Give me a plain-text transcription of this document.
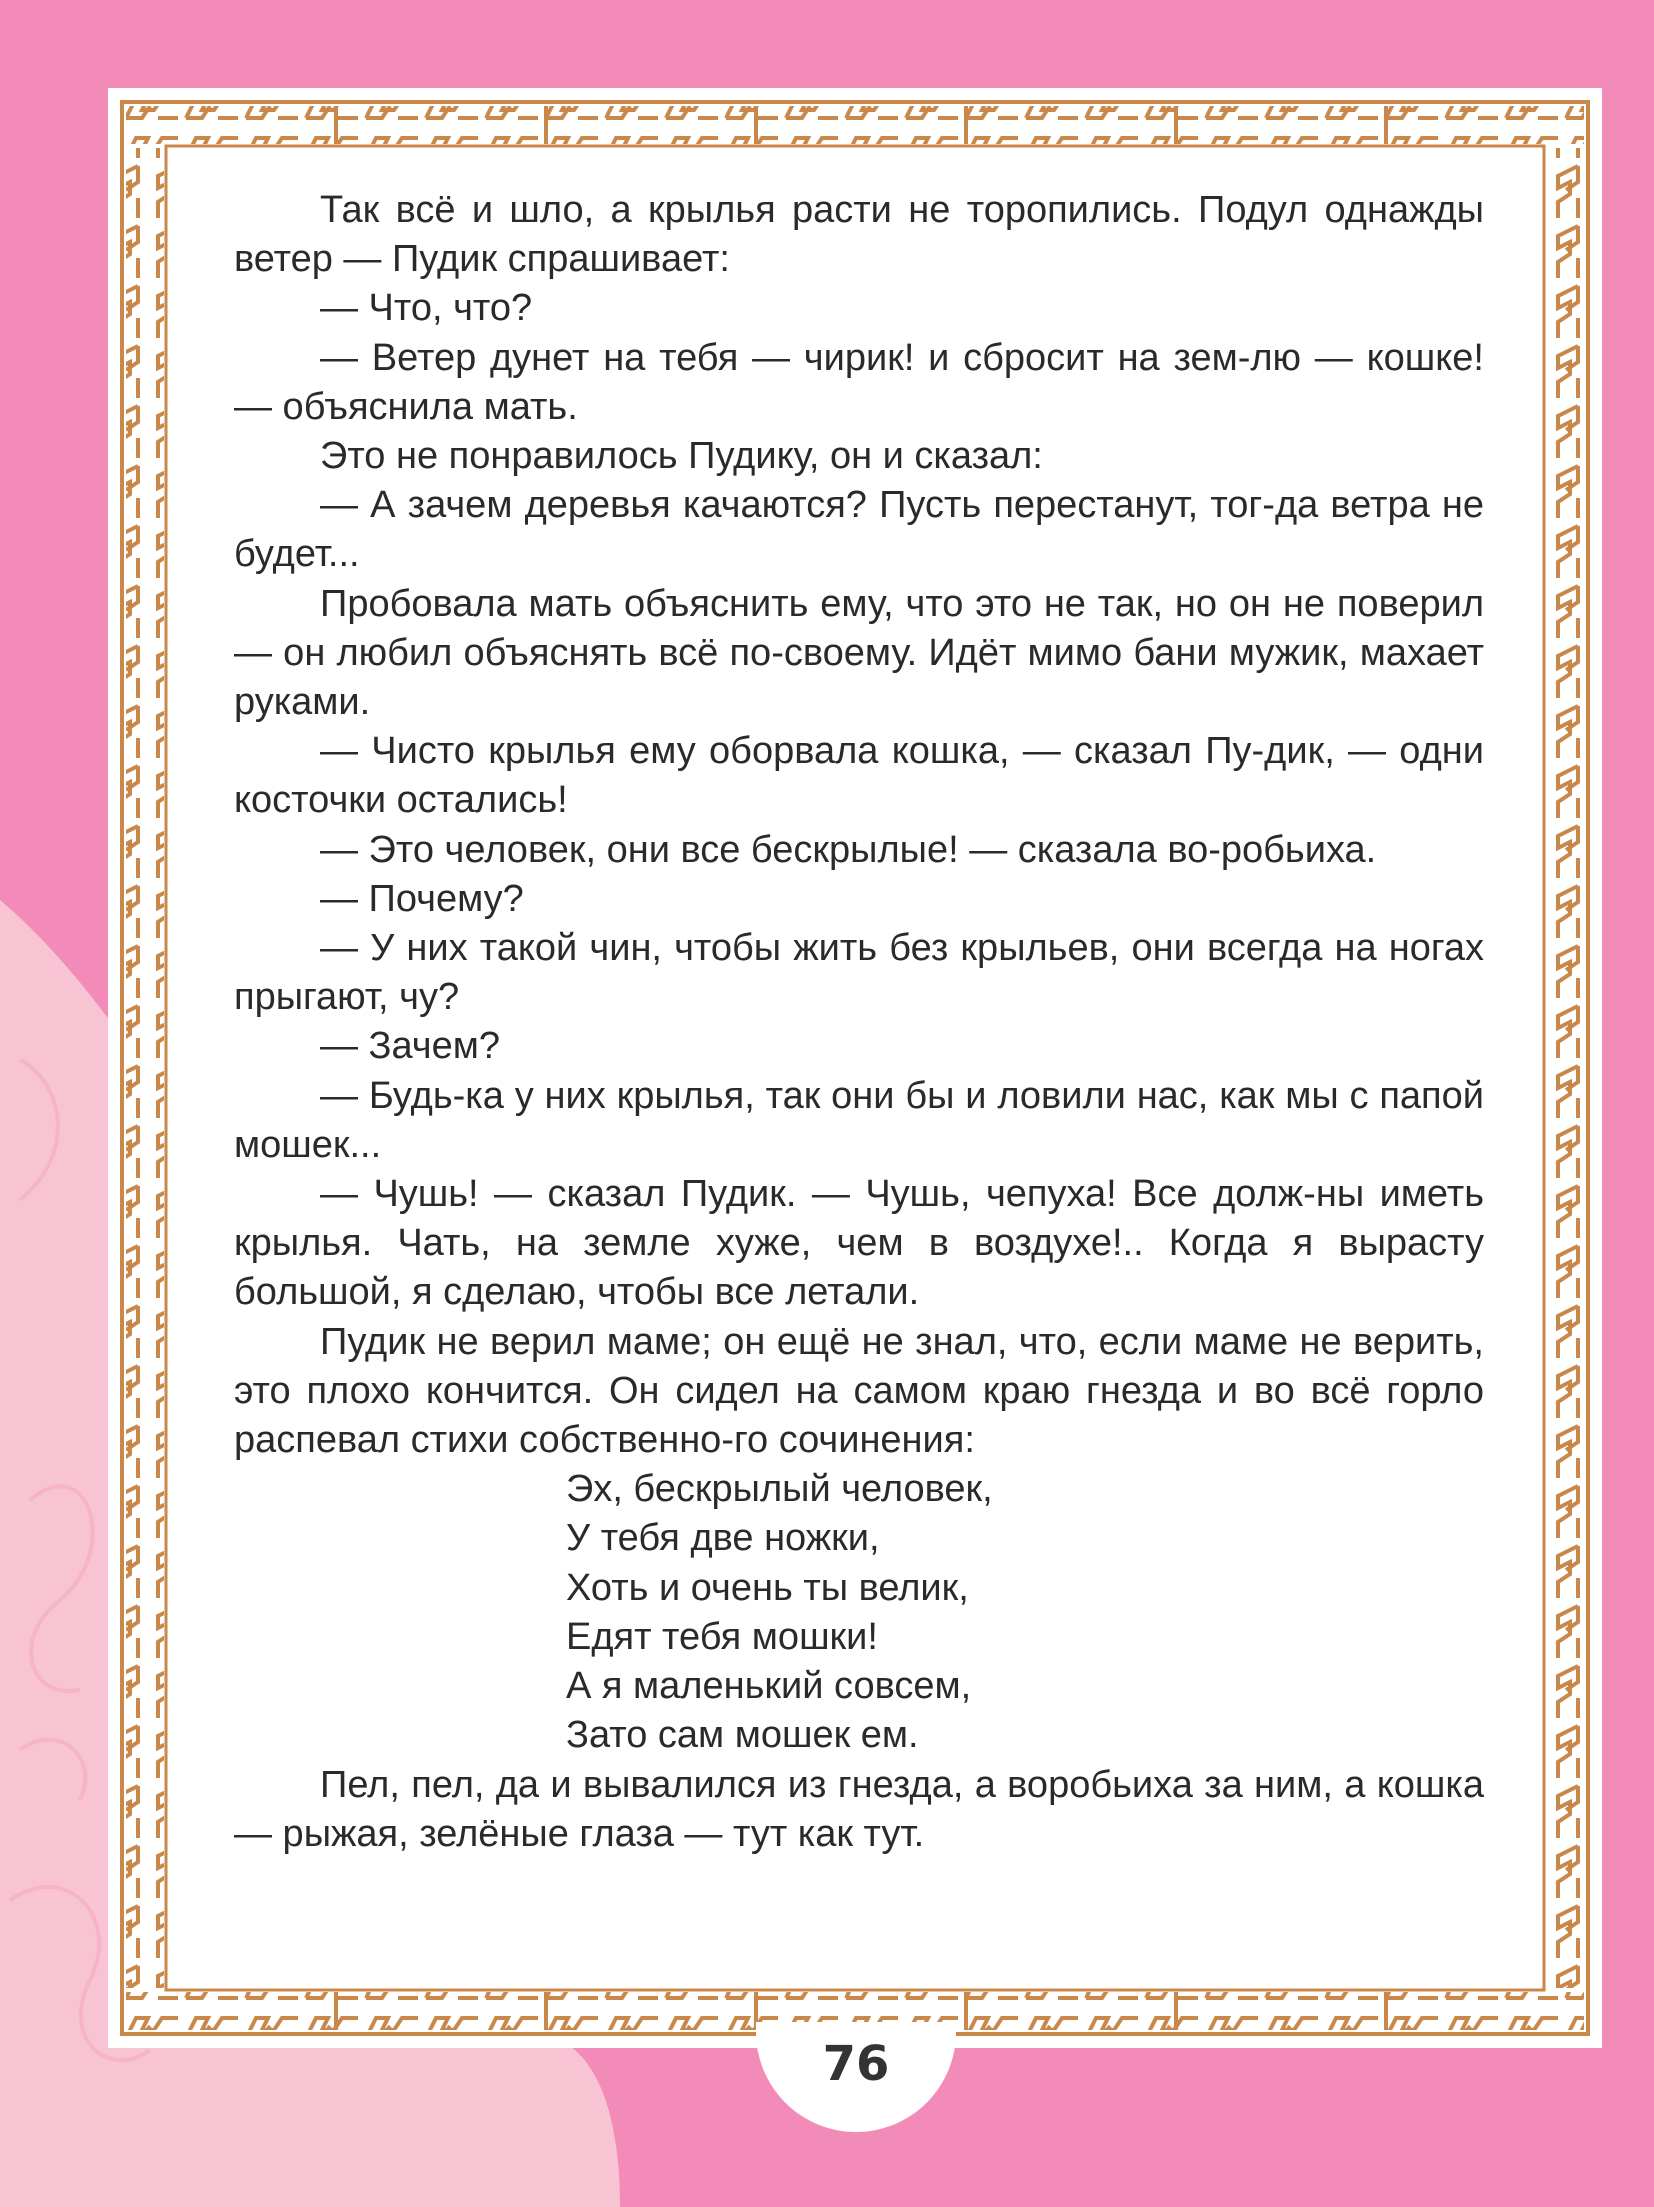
Так всё и шло, а крылья расти не торопились. Подул однажды ветер — Пудик спрашивает:

— Что, что?

— Ветер дунет на тебя — чирик! и сбросит на зем-лю — кошке! — объяснила мать.

Это не понравилось Пудику, он и сказал:

— А зачем деревья качаются? Пусть перестанут, тог-да ветра не будет...

Пробовала мать объяснить ему, что это не так, но он не поверил — он любил объяснять всё по-своему. Идёт мимо бани мужик, махает руками.

— Чисто крылья ему оборвала кошка, — сказал Пу-дик, — одни косточки остались!

— Это человек, они все бескрылые! — сказала во-робьиха.

— Почему?

— У них такой чин, чтобы жить без крыльев, они всегда на ногах прыгают, чу?

— Зачем?

— Будь-ка у них крылья, так они бы и ловили нас, как мы с папой мошек...

— Чушь! — сказал Пудик. — Чушь, чепуха! Все долж-ны иметь крылья. Чать, на земле хуже, чем в воздухе!.. Когда я вырасту большой, я сделаю, чтобы все летали.

Пудик не верил маме; он ещё не знал, что, если маме не верить, это плохо кончится. Он сидел на самом краю гнезда и во всё горло распевал стихи собственно-го сочинения:

Эх, бескрылый человек,
У тебя две ножки,
Хоть и очень ты велик,
Едят тебя мошки!
А я маленький совсем,
Зато сам мошек ем.

Пел, пел, да и вывалился из гнезда, а воробьиха за ним, а кошка — рыжая, зелёные глаза — тут как тут.

76
